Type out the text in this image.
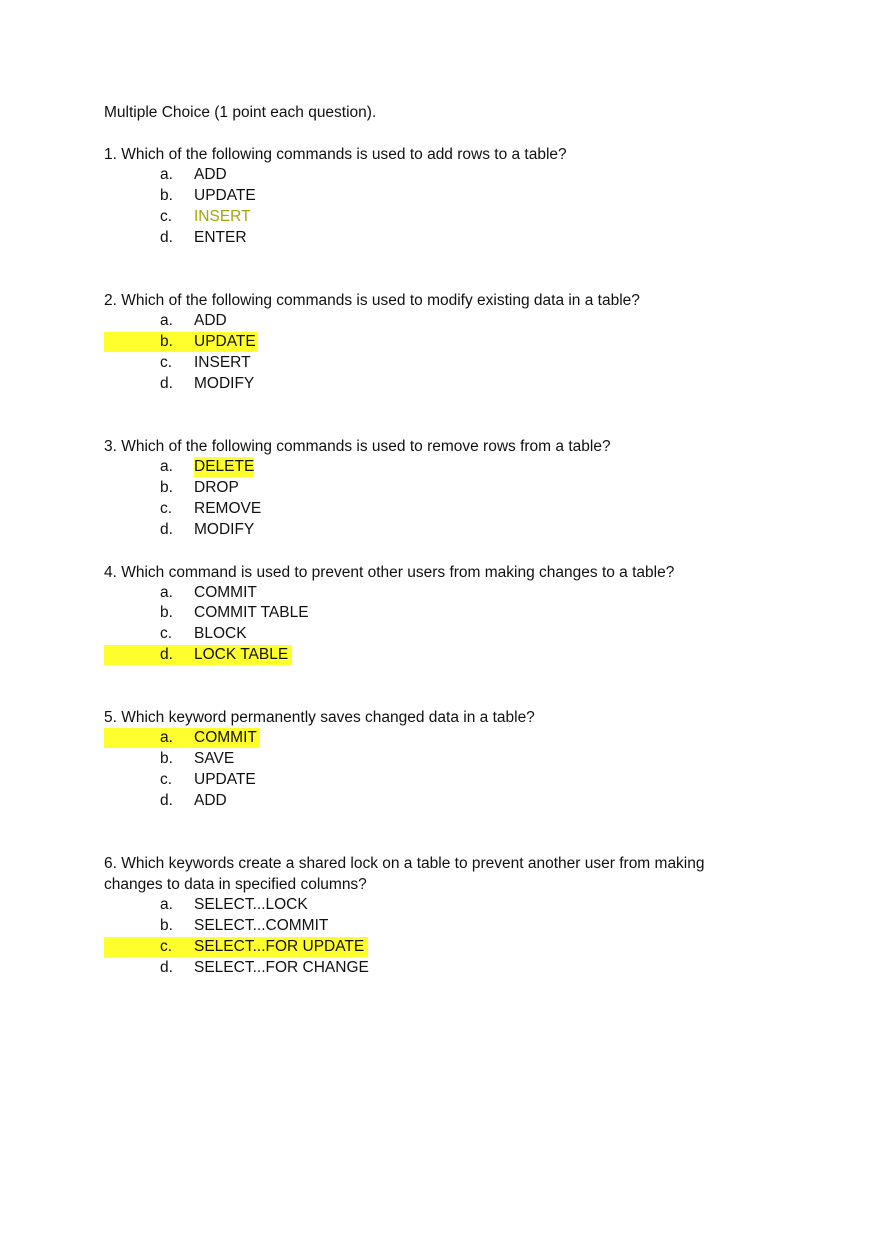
Multiple Choice (1 point each question).
1. Which of the following commands is used to add rows to a table?
a. ADD
b. UPDATE
c. INSERT
d. ENTER
2. Which of the following commands is used to modify existing data in a table?
a. ADD
b. UPDATE
c. INSERT
d. MODIFY
3. Which of the following commands is used to remove rows from a table?
a. DELETE
b. DROP
c. REMOVE
d. MODIFY
4. Which command is used to prevent other users from making changes to a table?
a. COMMIT
b. COMMIT TABLE
c. BLOCK
d. LOCK TABLE
5. Which keyword permanently saves changed data in a table?
a. COMMIT
b. SAVE
c. UPDATE
d. ADD
6. Which keywords create a shared lock on a table to prevent another user from making
changes to data in specified columns?
a. SELECT...LOCK
b. SELECT...COMMIT
c. SELECT...FOR UPDATE
d. SELECT...FOR CHANGE
